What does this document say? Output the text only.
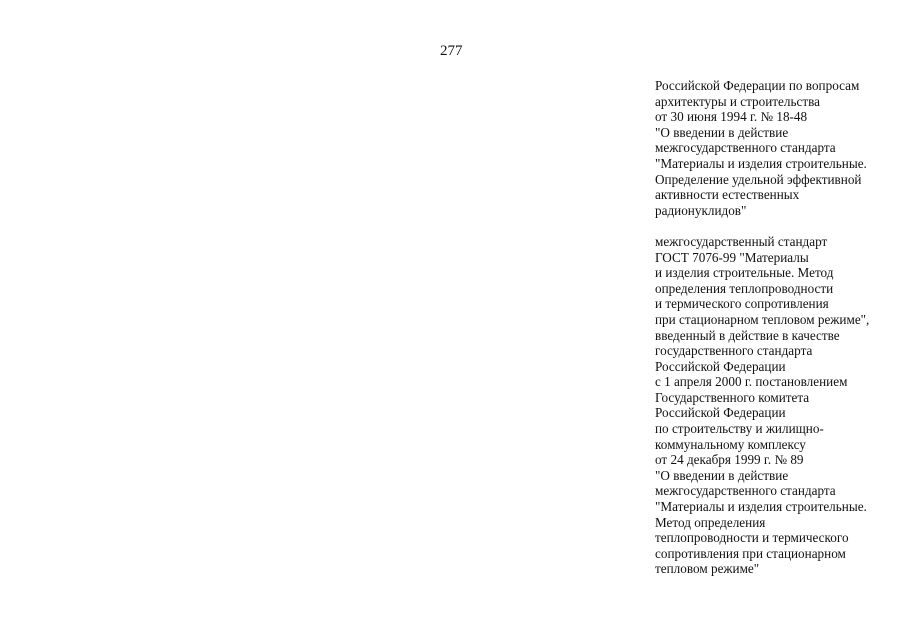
277
Российской Федерации по вопросам
архитектуры и строительства
от 30 июня 1994 г. № 18-48
"О введении в действие
межгосударственного стандарта
"Материалы и изделия строительные.
Определение удельной эффективной
активности естественных
радионуклидов"
межгосударственный стандарт
ГОСТ 7076-99 "Материалы
и изделия строительные. Метод
определения теплопроводности
и термического сопротивления
при стационарном тепловом режиме",
введенный в действие в качестве
государственного стандарта
Российской Федерации
с 1 апреля 2000 г. постановлением
Государственного комитета
Российской Федерации
по строительству и жилищно-
коммунальному комплексу
от 24 декабря 1999 г. № 89
"О введении в действие
межгосударственного стандарта
"Материалы и изделия строительные.
Метод определения
теплопроводности и термического
сопротивления при стационарном
тепловом режиме"
